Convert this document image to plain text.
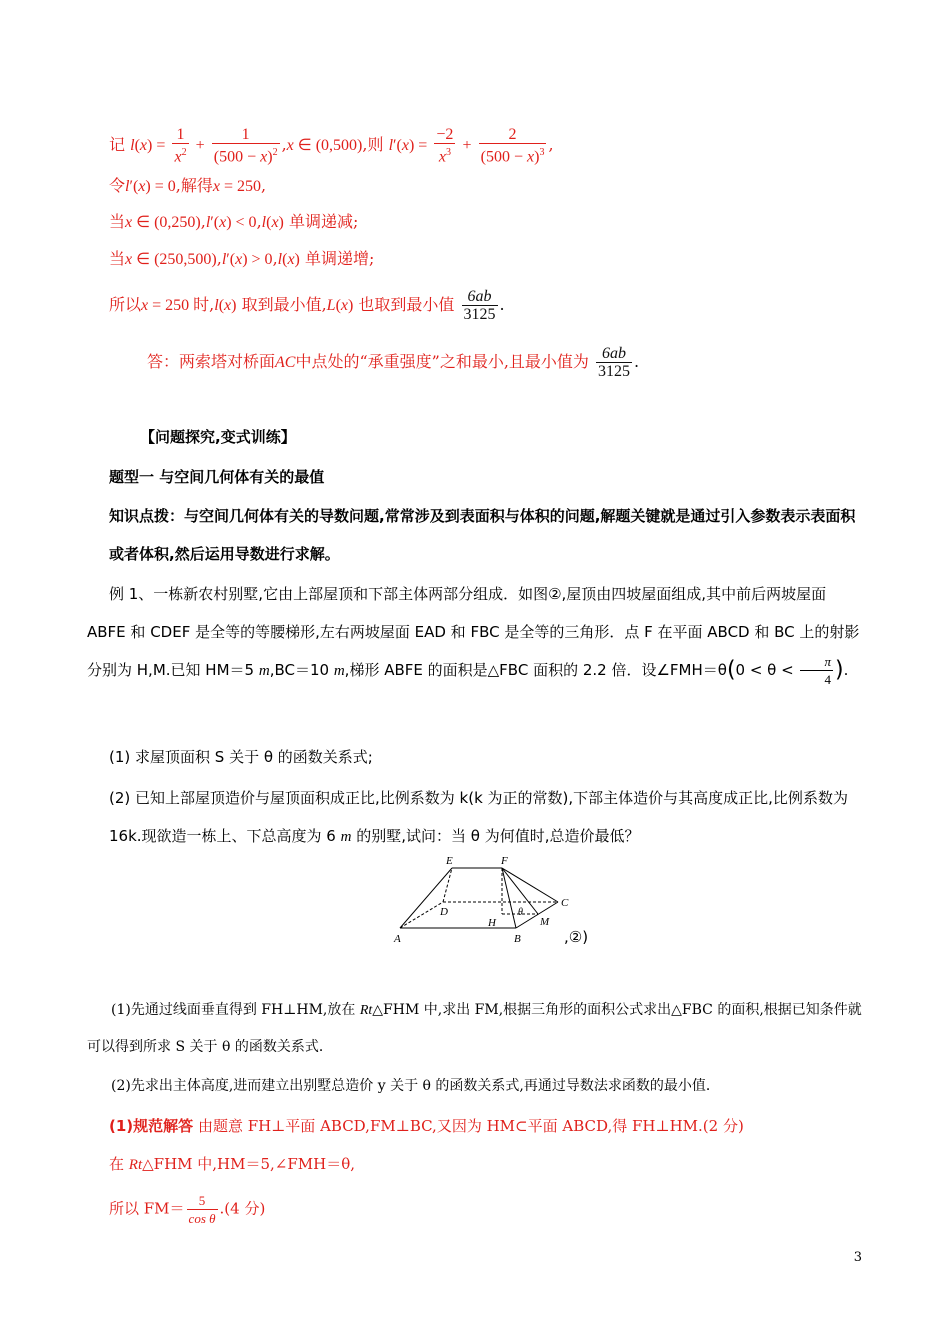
记 $l(x) = \frac{1}{x^2} + \frac{1}{(500 - x)^2} ,x$ ∈ (0,500),则 $l'(x) = \frac{-2}{x^3} + \frac{2}{(500 - x)^3}$ ,
令l′(x) = 0,解得x = 250,
当x ∈ (0,250),l′(x) < 0,l(x) 单调递减;
当x ∈ (250,500),l′(x) > 0,l(x) 单调递增;
所以x = 250 时,l(x) 取到最小值,L(x) 也取到最小值 $\frac{6ab}{3125}$ .
答：两索塔对桥面AC中点处的“承重强度”之和最小,且最小值为 $\frac{6ab}{3125}$ .
【问题探究,变式训练】
题型一 与空间几何体有关的最值
知识点拨：与空间几何体有关的导数问题,常常涉及到表面积与体积的问题,解题关键就是通过引入参数表示表面积或者体积,然后运用导数进行求解。
例 1、一栋新农村别墅,它由上部屋顶和下部主体两部分组成．如图②,屋顶由四坡屋面组成,其中前后两坡屋面 ABFE 和 CDEF 是全等的等腰梯形,左右两坡屋面 EAD 和 FBC 是全等的三角形．点 F 在平面 ABCD 和 BC 上的射影分别为 H,M.已知 HM＝5 m,BC＝10 m,梯形 ABFE 的面积是△FBC 面积的 2.2 倍．设∠FMH＝θ(0 < $\theta < \frac{\pi}{4}$ ).
(1) 求屋顶面积 S 关于 θ 的函数关系式;
(2) 已知上部屋顶造价与屋顶面积成正比,比例系数为 k(k 为正的常数),下部主体造价与其高度成正比,比例系数为 16k.现欲造一栋上、下总高度为 6 m 的别墅,试问：当 θ 为何值时,总造价最低？
E	F
D
H
θ
C
M
A	B	,②)
(1)先通过线面垂直得到 FH⊥HM,放在 Rt△FHM 中,求出 FM,根据三角形的面积公式求出△FBC 的面积,根据已知条件就可以得到所求 S 关于 θ 的函数关系式．
(2)先求出主体高度,进而建立出别墅总造价 y 关于 θ 的函数关系式,再通过导数法求函数的最小值．
(1)规范解答 由题意 FH⊥平面 ABCD,FM⊥BC,又因为 HM⊂平面 ABCD,得 FH⊥HM.(2 分)
在 Rt△FHM 中,HM＝5,∠FMH＝θ,
所以 $FM= \frac{5}{\text{cos θ}} .(4$ 分)
3
